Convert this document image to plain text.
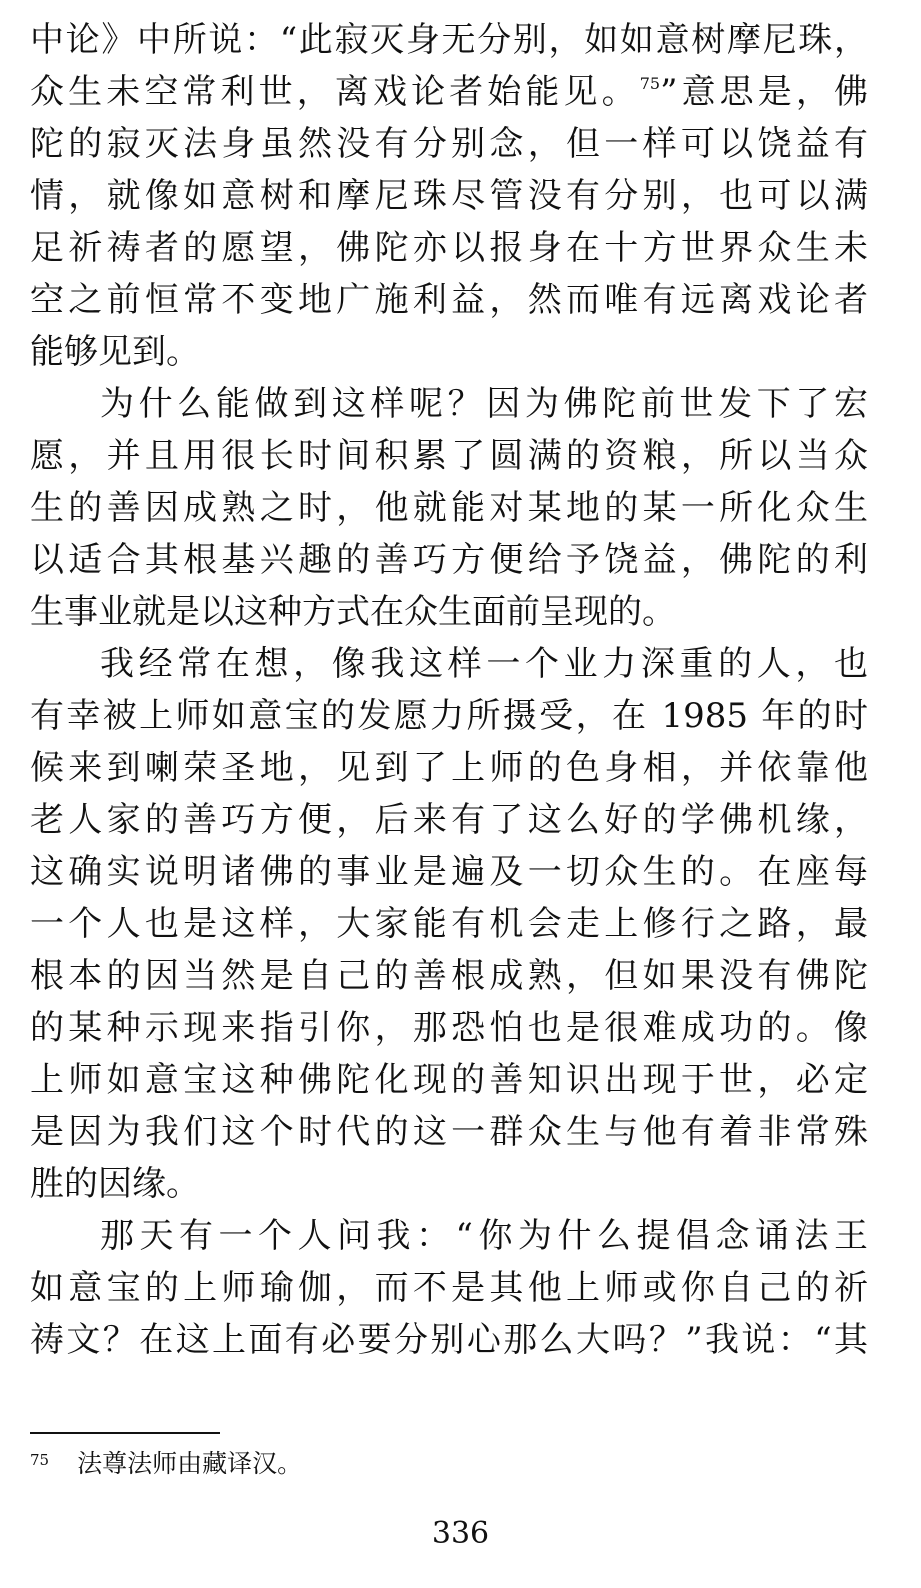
中论》中所说：“此寂灭身无分别，如如意树摩尼珠，
众生未空常利世，离戏论者始能见。$^{75}$”意思是，佛
陀的寂灭法身虽然没有分别念，但一样可以饶益有
情，就像如意树和摩尼珠尽管没有分别，也可以满
足祈祷者的愿望，佛陀亦以报身在十方世界众生未
空之前恒常不变地广施利益，然而唯有远离戏论者
能够见到。
为什么能做到这样呢？因为佛陀前世发下了宏
愿，并且用很长时间积累了圆满的资粮，所以当众
生的善因成熟之时，他就能对某地的某一所化众生
以适合其根基兴趣的善巧方便给予饶益，佛陀的利
生事业就是以这种方式在众生面前呈现的。
我经常在想，像我这样一个业力深重的人，也
有幸被上师如意宝的发愿力所摄受，在 1985 年的时
候来到喇荣圣地，见到了上师的色身相，并依靠他
老人家的善巧方便，后来有了这么好的学佛机缘，
这确实说明诸佛的事业是遍及一切众生的。在座每
一个人也是这样，大家能有机会走上修行之路，最
根本的因当然是自己的善根成熟，但如果没有佛陀
的某种示现来指引你，那恐怕也是很难成功的。像
上师如意宝这种佛陀化现的善知识出现于世，必定
是因为我们这个时代的这一群众生与他有着非常殊
胜的因缘。
那天有一个人问我：“你为什么提倡念诵法王
如意宝的上师瑜伽，而不是其他上师或你自己的祈
祷文？在这上面有必要分别心那么大吗？”我说：“其
$^{75}$ 法尊法师由藏译汉。
336
